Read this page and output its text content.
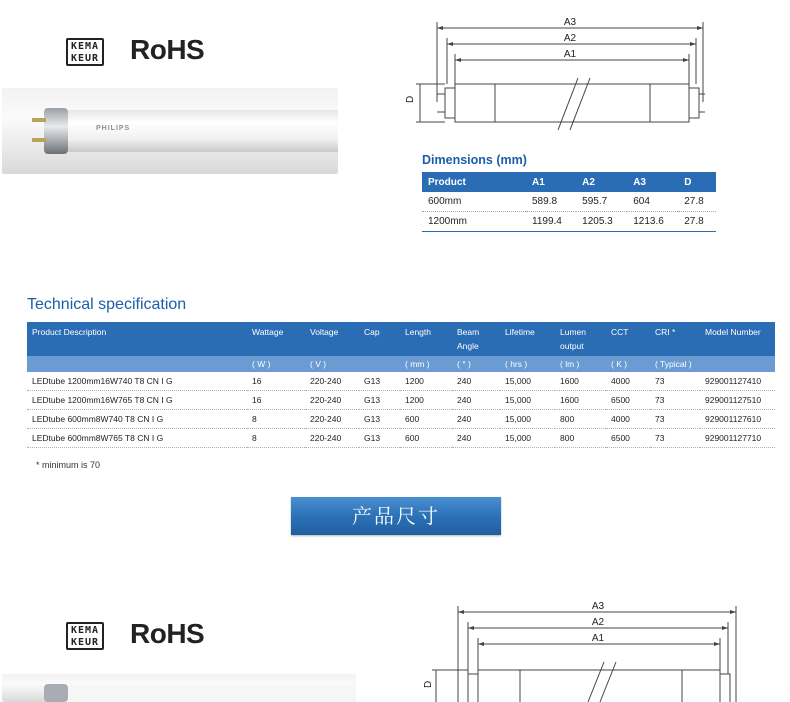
KEMA
KEUR RoHS
PHILIPS
A3
A2
A1
D
Dimensions (mm)
Product	A1	A2	A3	D
600mm	589.8	595.7	604	27.8
1200mm	1199.4	1205.3	1213.6	27.8
Technical specification
Product Description	Wattage	Voltage	Cap	Length	Beam Angle	Lifetime	Lumen output	CCT	CRI *	Model Number
	( W )	( V )		( mm )	( ° )	( hrs )	( lm )	( K )	( Typical )	
LEDtube 1200mm16W740 T8 CN I G	16	220-240	G13	1200	240	15,000	1600	4000	73	929001127410
LEDtube 1200mm16W765 T8 CN I G	16	220-240	G13	1200	240	15,000	1600	6500	73	929001127510
LEDtube 600mm8W740 T8 CN I G	8	220-240	G13	600	240	15,000	800	4000	73	929001127610
LEDtube 600mm8W765 T8 CN I G	8	220-240	G13	600	240	15,000	800	6500	73	929001127710
* minimum is 70
产品尺寸
KEMA
KEUR RoHS
A3
A2
A1
D
